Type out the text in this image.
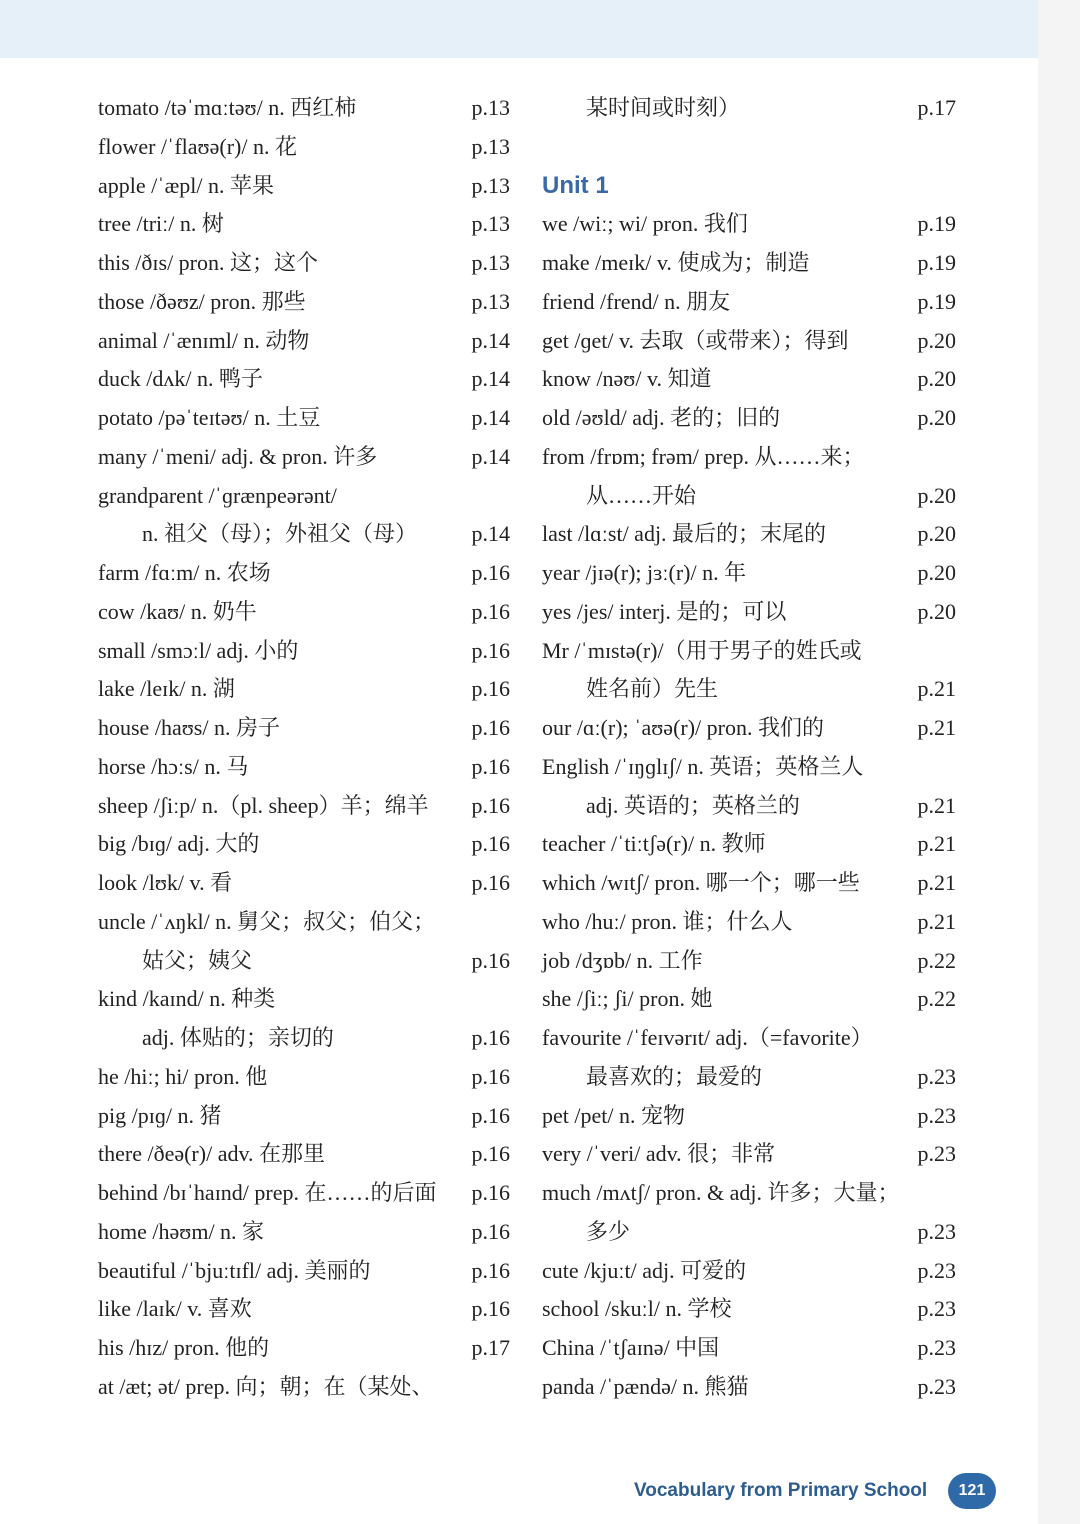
tomato /təˈmɑːtəʊ/ n. 西红柿	p.13
flower /ˈflaʊə(r)/ n. 花	p.13
apple /ˈæpl/ n. 苹果	p.13
tree /triː/ n. 树	p.13
this /ðɪs/ pron. 这；这个	p.13
those /ðəʊz/ pron. 那些	p.13
animal /ˈænɪml/ n. 动物	p.14
duck /dʌk/ n. 鸭子	p.14
potato /pəˈteɪtəʊ/ n. 土豆	p.14
many /ˈmeni/ adj. & pron. 许多	p.14
grandparent /ˈɡrænpeərənt/
n. 祖父（母）；外祖父（母） p.14
farm /fɑːm/ n. 农场	p.16
cow /kaʊ/ n. 奶牛	p.16
small /smɔːl/ adj. 小的	p.16
lake /leɪk/ n. 湖	p.16
house /haʊs/ n. 房子	p.16
horse /hɔːs/ n. 马	p.16
sheep /ʃiːp/ n.（pl. sheep）羊；绵羊 p.16
big /bɪɡ/ adj. 大的	p.16
look /lʊk/ v. 看	p.16
uncle /ˈʌŋkl/ n. 舅父；叔父；伯父；
姑父；姨父	p.16
kind /kaɪnd/ n. 种类
adj. 体贴的；亲切的	p.16
he /hiː; hi/ pron. 他	p.16
pig /pɪɡ/ n. 猪	p.16
there /ðeə(r)/ adv. 在那里	p.16
behind /bɪˈhaɪnd/ prep. 在……的后面 p.16
home /həʊm/ n. 家	p.16
beautiful /ˈbjuːtɪfl/ adj. 美丽的	p.16
like /laɪk/ v. 喜欢	p.16
his /hɪz/ pron. 他的	p.17
at /æt; ət/ prep. 向；朝；在（某处、
某时间或时刻）	p.17
Unit 1
we /wiː; wi/ pron. 我们	p.19
make /meɪk/ v. 使成为；制造	p.19
friend /frend/ n. 朋友	p.19
get /ɡet/ v. 去取（或带来）；得到	p.20
know /nəʊ/ v. 知道	p.20
old /əʊld/ adj. 老的；旧的	p.20
from /frɒm; frəm/ prep. 从……来；
从……开始	p.20
last /lɑːst/ adj. 最后的；末尾的	p.20
year /jɪə(r); jɜː(r)/ n. 年	p.20
yes /jes/ interj. 是的；可以	p.20
Mr /ˈmɪstə(r)/（用于男子的姓氏或
姓名前）先生	p.21
our /ɑː(r); ˈaʊə(r)/ pron. 我们的	p.21
English /ˈɪŋɡlɪʃ/ n. 英语；英格兰人
adj. 英语的；英格兰的	p.21
teacher /ˈtiːtʃə(r)/ n. 教师	p.21
which /wɪtʃ/ pron. 哪一个；哪一些	p.21
who /huː/ pron. 谁；什么人	p.21
job /dʒɒb/ n. 工作	p.22
she /ʃiː; ʃi/ pron. 她	p.22
favourite /ˈfeɪvərɪt/ adj.（=favorite）
最喜欢的；最爱的	p.23
pet /pet/ n. 宠物	p.23
very /ˈveri/ adv. 很；非常	p.23
much /mʌtʃ/ pron. & adj. 许多；大量；
多少	p.23
cute /kjuːt/ adj. 可爱的	p.23
school /skuːl/ n. 学校	p.23
China /ˈtʃaɪnə/ 中国	p.23
panda /ˈpændə/ n. 熊猫	p.23
Vocabulary from Primary School	121
